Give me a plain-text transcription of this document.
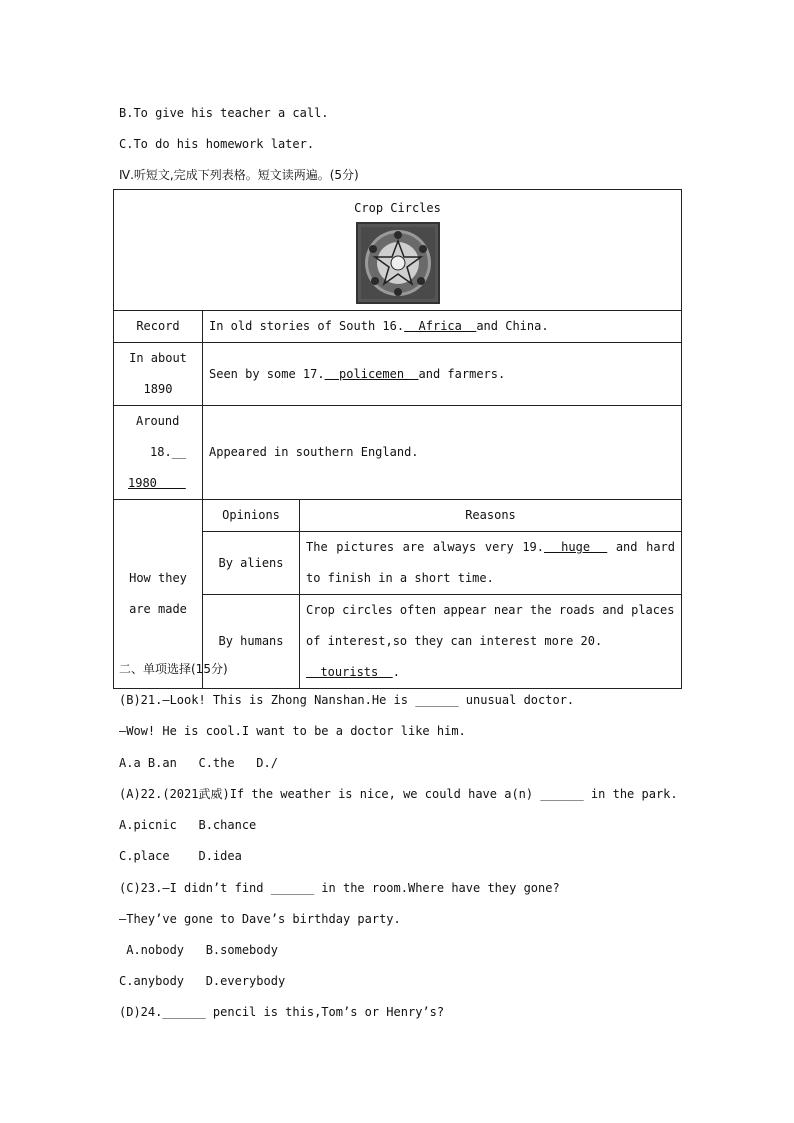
B.To give his teacher a call.
C.To do his homework later.
Ⅳ.听短文,完成下列表格。短文读两遍。(5分)
Crop Circles		

Record	In old stories of South 16.  Africa  and China.	

In about
1890	Seen by some 17.  policemen  and farmers.	

Around
18.__
1980	Appeared in southern England.	

How they
are made	Opinions	Reasons
	By aliens	The pictures are always very 19.  huge   and hard to finish in a short time.
	By humans	Crop circles often appear near the roads and places of interest,so they can interest more 20.  tourists  .
二、单项选择(15分)
(B)21.—Look! This is Zhong Nanshan.He is ______ unusual doctor.
—Wow! He is cool.I want to be a doctor like him.
A.a B.an   C.the   D./
(A)22.(2021武威)If the weather is nice, we could have a(n) ______ in the park.
A.picnic   B.chance
C.place    D.idea
(C)23.—I didn’t find ______ in the room.Where have they gone?
—They’ve gone to Dave’s birthday party.
A.nobody   B.somebody
C.anybody   D.everybody
(D)24.______ pencil is this,Tom’s or Henry’s?
